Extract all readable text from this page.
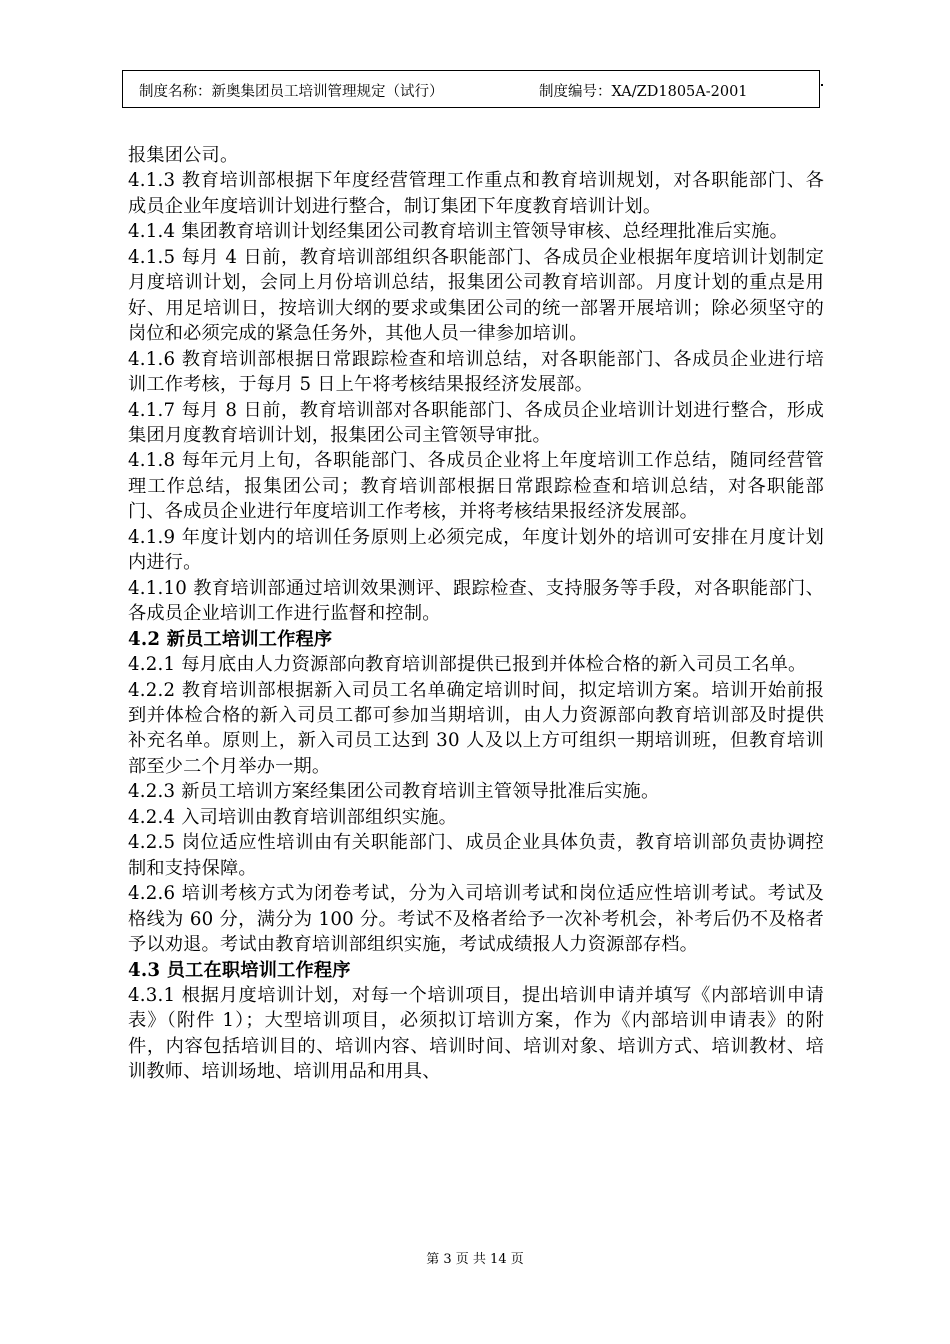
制度名称：新奥集团员工培训管理规定（试行）	制度编号：XA/ZD1805A-2001

报集团公司。

4.1.3 教育培训部根据下年度经营管理工作重点和教育培训规划，对各职能部门、各成员企业年度培训计划进行整合，制订集团下年度教育培训计划。

4.1.4 集团教育培训计划经集团公司教育培训主管领导审核、总经理批准后实施。

4.1.5 每月 4 日前，教育培训部组织各职能部门、各成员企业根据年度培训计划制定月度培训计划，会同上月份培训总结，报集团公司教育培训部。月度计划的重点是用好、用足培训日，按培训大纲的要求或集团公司的统一部署开展培训；除必须坚守的岗位和必须完成的紧急任务外，其他人员一律参加培训。

4.1.6 教育培训部根据日常跟踪检查和培训总结，对各职能部门、各成员企业进行培训工作考核，于每月 5 日上午将考核结果报经济发展部。

4.1.7 每月 8 日前，教育培训部对各职能部门、各成员企业培训计划进行整合，形成集团月度教育培训计划，报集团公司主管领导审批。

4.1.8 每年元月上旬，各职能部门、各成员企业将上年度培训工作总结，随同经营管理工作总结，报集团公司；教育培训部根据日常跟踪检查和培训总结，对各职能部门、各成员企业进行年度培训工作考核，并将考核结果报经济发展部。

4.1.9 年度计划内的培训任务原则上必须完成，年度计划外的培训可安排在月度计划内进行。

4.1.10 教育培训部通过培训效果测评、跟踪检查、支持服务等手段，对各职能部门、各成员企业培训工作进行监督和控制。

4.2 新员工培训工作程序

4.2.1 每月底由人力资源部向教育培训部提供已报到并体检合格的新入司员工名单。

4.2.2 教育培训部根据新入司员工名单确定培训时间，拟定培训方案。培训开始前报到并体检合格的新入司员工都可参加当期培训，由人力资源部向教育培训部及时提供补充名单。原则上，新入司员工达到 30 人及以上方可组织一期培训班，但教育培训部至少二个月举办一期。

4.2.3 新员工培训方案经集团公司教育培训主管领导批准后实施。

4.2.4 入司培训由教育培训部组织实施。

4.2.5 岗位适应性培训由有关职能部门、成员企业具体负责，教育培训部负责协调控制和支持保障。

4.2.6 培训考核方式为闭卷考试，分为入司培训考试和岗位适应性培训考试。考试及格线为 60 分，满分为 100 分。考试不及格者给予一次补考机会，补考后仍不及格者予以劝退。考试由教育培训部组织实施，考试成绩报人力资源部存档。

4.3 员工在职培训工作程序

4.3.1 根据月度培训计划，对每一个培训项目，提出培训申请并填写《内部培训申请表》（附件 1）；大型培训项目，必须拟订培训方案，作为《内部培训申请表》的附件，内容包括培训目的、培训内容、培训时间、培训对象、培训方式、培训教材、培训教师、培训场地、培训用品和用具、

第 3 页 共 14 页
